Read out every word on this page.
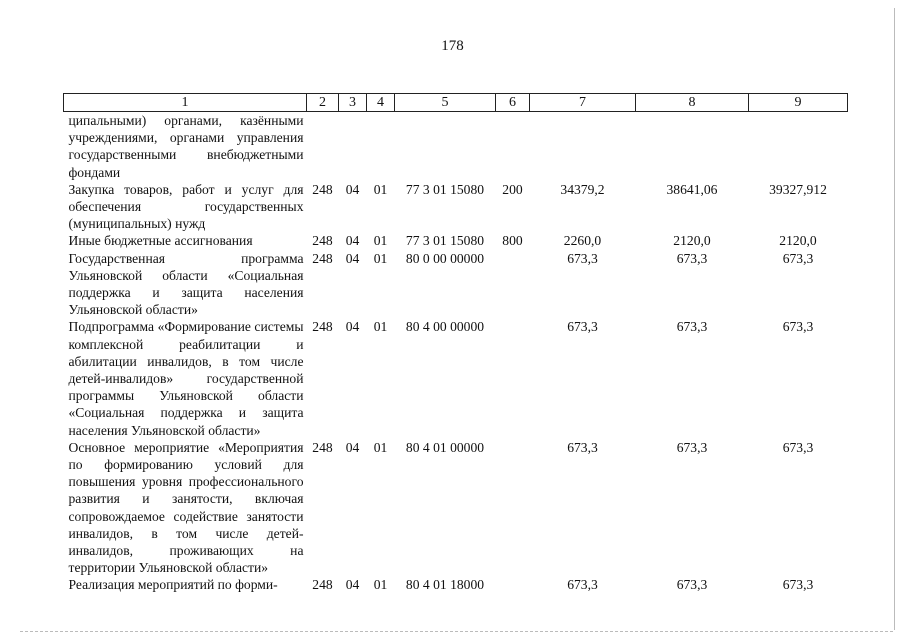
178
1	2	3	4	5	6	7	8	9
ципальными) органами, казёнными учреждениями, органами управления государственными внебюджетными фондами								
Закупка товаров, работ и услуг для обеспечения государственных (муниципальных) нужд	248	04	01	77 3 01 15080	200	34379,2	38641,06	39327,912
Иные бюджетные ассигнования	248	04	01	77 3 01 15080	800	2260,0	2120,0	2120,0
Государственная программа Ульяновской области «Социальная поддержка и защита населения Ульяновской области»	248	04	01	80 0 00 00000		673,3	673,3	673,3
Подпрограмма «Формирование системы комплексной реабилитации и абилитации инвалидов, в том числе детей-инвалидов» государственной программы Ульяновской области «Социальная поддержка и защита населения Ульяновской области»	248	04	01	80 4 00 00000		673,3	673,3	673,3
Основное мероприятие «Мероприятия по формированию условий для повышения уровня профессионального развития и занятости, включая сопровождаемое содействие занятости инвалидов, в том числе детей-инвалидов, проживающих на территории Ульяновской области»	248	04	01	80 4 01 00000		673,3	673,3	673,3
Реализация мероприятий по форми-	248	04	01	80 4 01 18000		673,3	673,3	673,3
